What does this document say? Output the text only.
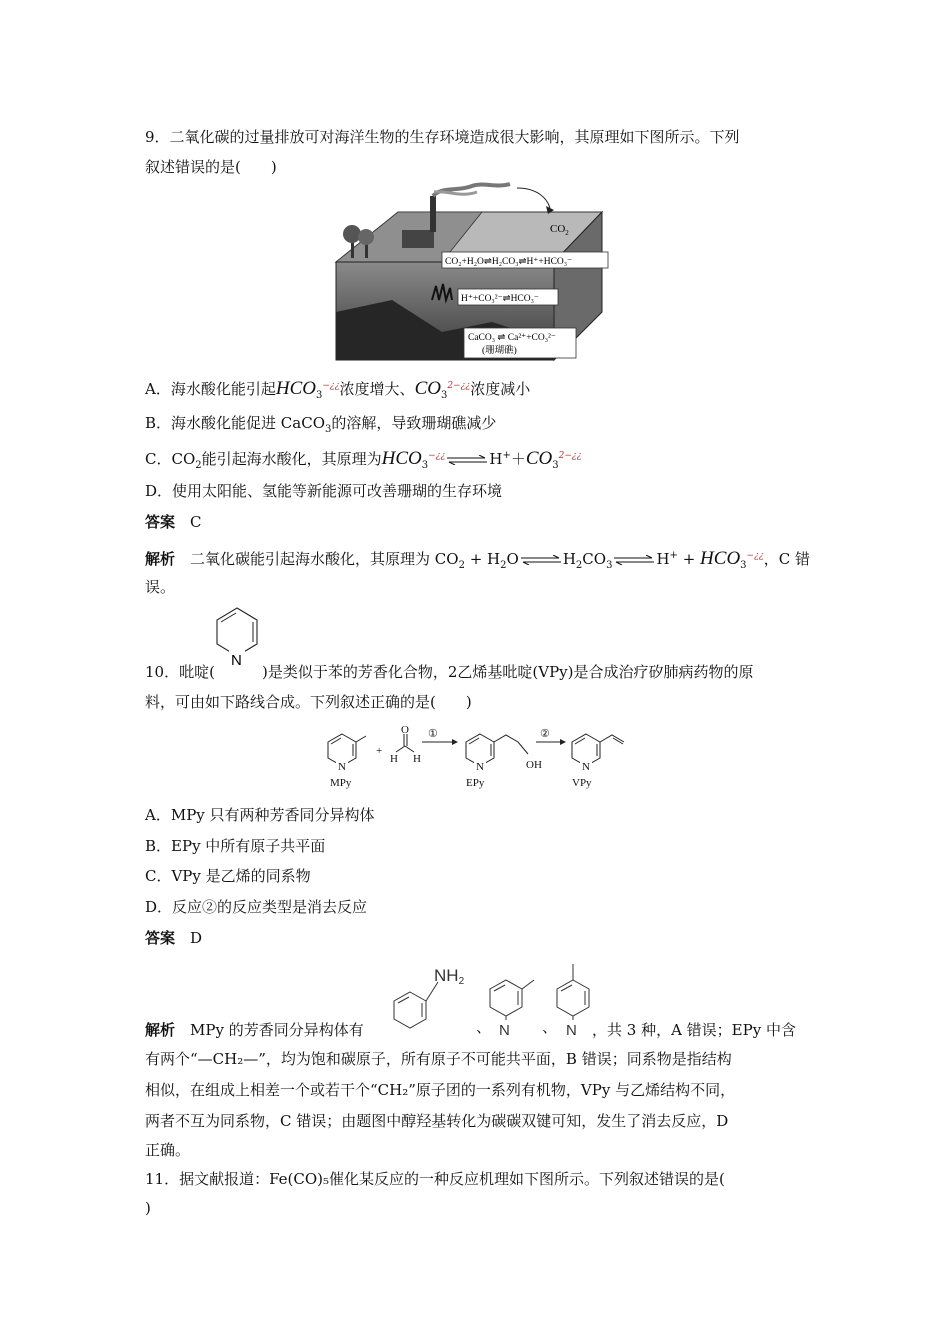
9．二氧化碳的过量排放可对海洋生物的生存环境造成很大影响，其原理如下图所示。下列
叙述错误的是(　　)
$CO_2$
CO₂+H₂O⇌H₂CO₃⇌H⁺+HCO₃⁻
H⁺+CO₃²⁻⇌HCO₃⁻
CaCO₃ ⇌ Ca²⁺+CO₃²⁻
(珊瑚礁)
A．海水酸化能引起$HCO_3^{-¿¿}$浓度增大、$CO_3^{2-¿¿}$浓度减小
B．海水酸化能促进 CaCO$_3$的溶解，导致珊瑚礁减少
C．$CO_2$能引起海水酸化，其原理为$HCO_3^{-¿¿}\rightleftharpoons H^++CO_3^{2-¿¿}$
D．使用太阳能、氢能等新能源可改善珊瑚的生存环境
答案　 C
解析　 二氧化碳能引起海水酸化，其原理为 $CO_2$ + $H_2O\rightleftharpoons H_2CO_3\rightleftharpoons H^+ + HCO_3^{-¿¿}$，C 错
误。
10．吡啶(
N
)是类似于苯的芳香化合物，2乙烯基吡啶(VPy)是合成治疗矽肺病药物的原
料，可由如下路线合成。下列叙述正确的是(　　)
N
MPy
+
O
H H
①
N	OH
EPy
②
N
VPy
A．MPy 只有两种芳香同分异构体
B．EPy 中所有原子共平面
C．VPy 是乙烯的同系物
D．反应②的反应类型是消去反应
答案　 D
NH2
N	N
、	、
解析　 MPy 的芳香同分异构体有	，共 3 种，A 错误；EPy 中含
有两个“—CH₂—”，均为饱和碳原子，所有原子不可能共平面，B 错误；同系物是指结构
相似，在组成上相差一个或若干个“CH₂”原子团的一系列有机物，VPy 与乙烯结构不同，
两者不互为同系物，C 错误；由题图中醇羟基转化为碳碳双键可知，发生了消去反应，D
正确。
11．据文献报道：Fe(CO)₅催化某反应的一种反应机理如下图所示。下列叙述错误的是(
)
